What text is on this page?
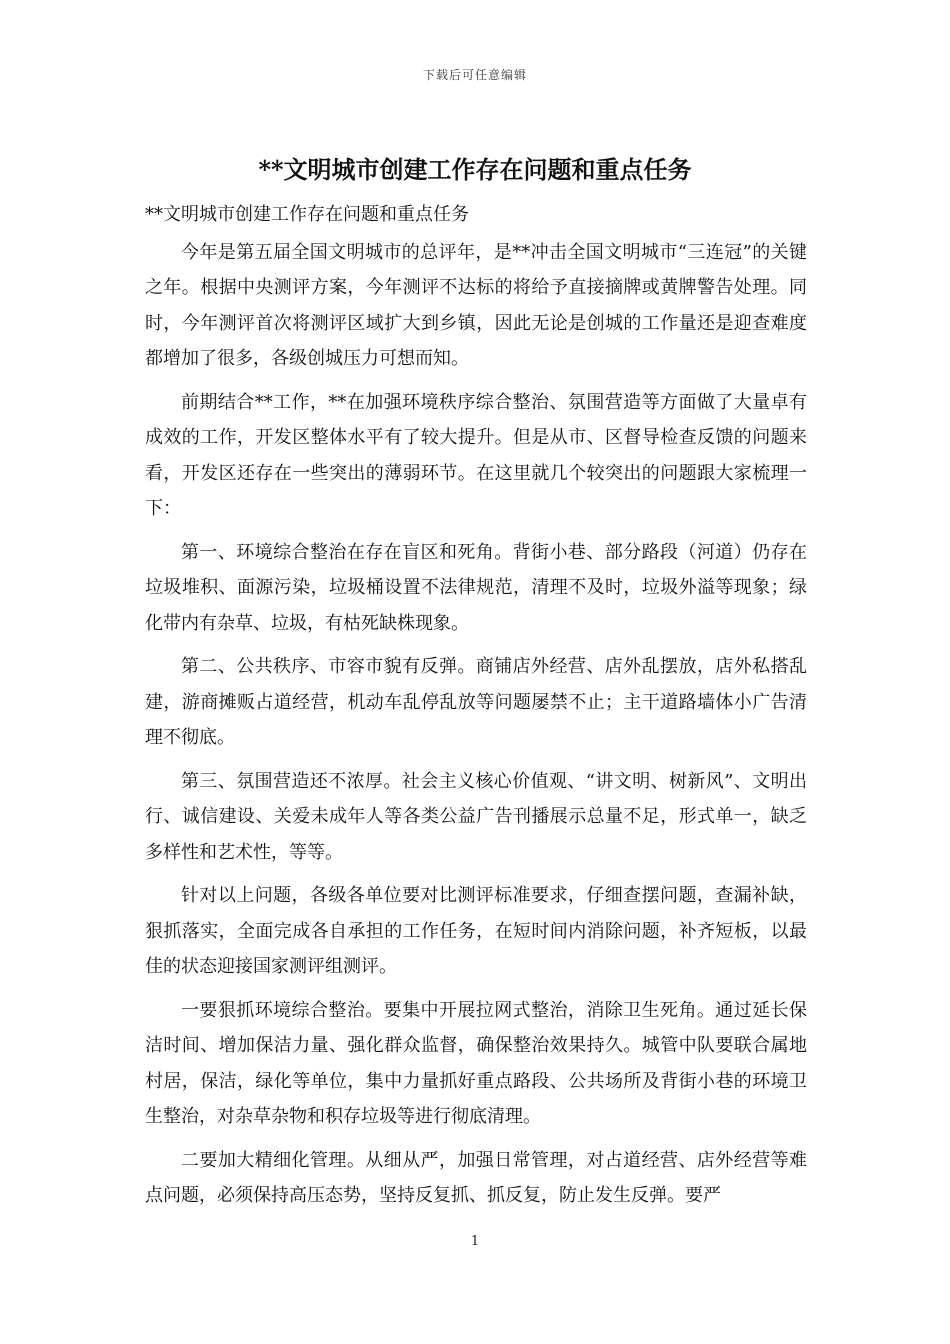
下载后可任意编辑
**文明城市创建工作存在问题和重点任务

**文明城市创建工作存在问题和重点任务

今年是第五届全国文明城市的总评年，是**冲击全国文明城市“三连冠”的关键之年。根据中央测评方案，今年测评不达标的将给予直接摘牌或黄牌警告处理。同时，今年测评首次将测评区域扩大到乡镇，因此无论是创城的工作量还是迎查难度都增加了很多，各级创城压力可想而知。

前期结合**工作，**在加强环境秩序综合整治、氛围营造等方面做了大量卓有成效的工作，开发区整体水平有了较大提升。但是从市、区督导检查反馈的问题来看，开发区还存在一些突出的薄弱环节。在这里就几个较突出的问题跟大家梳理一下：

第一、环境综合整治在存在盲区和死角。背街小巷、部分路段（河道）仍存在垃圾堆积、面源污染，垃圾桶设置不法律规范，清理不及时，垃圾外溢等现象；绿化带内有杂草、垃圾，有枯死缺株现象。

第二、公共秩序、市容市貌有反弹。商铺店外经营、店外乱摆放，店外私搭乱建，游商摊贩占道经营，机动车乱停乱放等问题屡禁不止；主干道路墙体小广告清理不彻底。

第三、氛围营造还不浓厚。社会主义核心价值观、“讲文明、树新风”、文明出行、诚信建设、关爱未成年人等各类公益广告刊播展示总量不足，形式单一，缺乏多样性和艺术性，等等。

针对以上问题，各级各单位要对比测评标准要求，仔细查摆问题，查漏补缺，狠抓落实，全面完成各自承担的工作任务，在短时间内消除问题，补齐短板，以最佳的状态迎接国家测评组测评。

一要狠抓环境综合整治。要集中开展拉网式整治，消除卫生死角。通过延长保洁时间、增加保洁力量、强化群众监督，确保整治效果持久。城管中队要联合属地村居，保洁，绿化等单位，集中力量抓好重点路段、公共场所及背街小巷的环境卫生整治，对杂草杂物和积存垃圾等进行彻底清理。

二要加大精细化管理。从细从严，加强日常管理，对占道经营、店外经营等难点问题，必须保持高压态势，坚持反复抓、抓反复，防止发生反弹。要严

1
